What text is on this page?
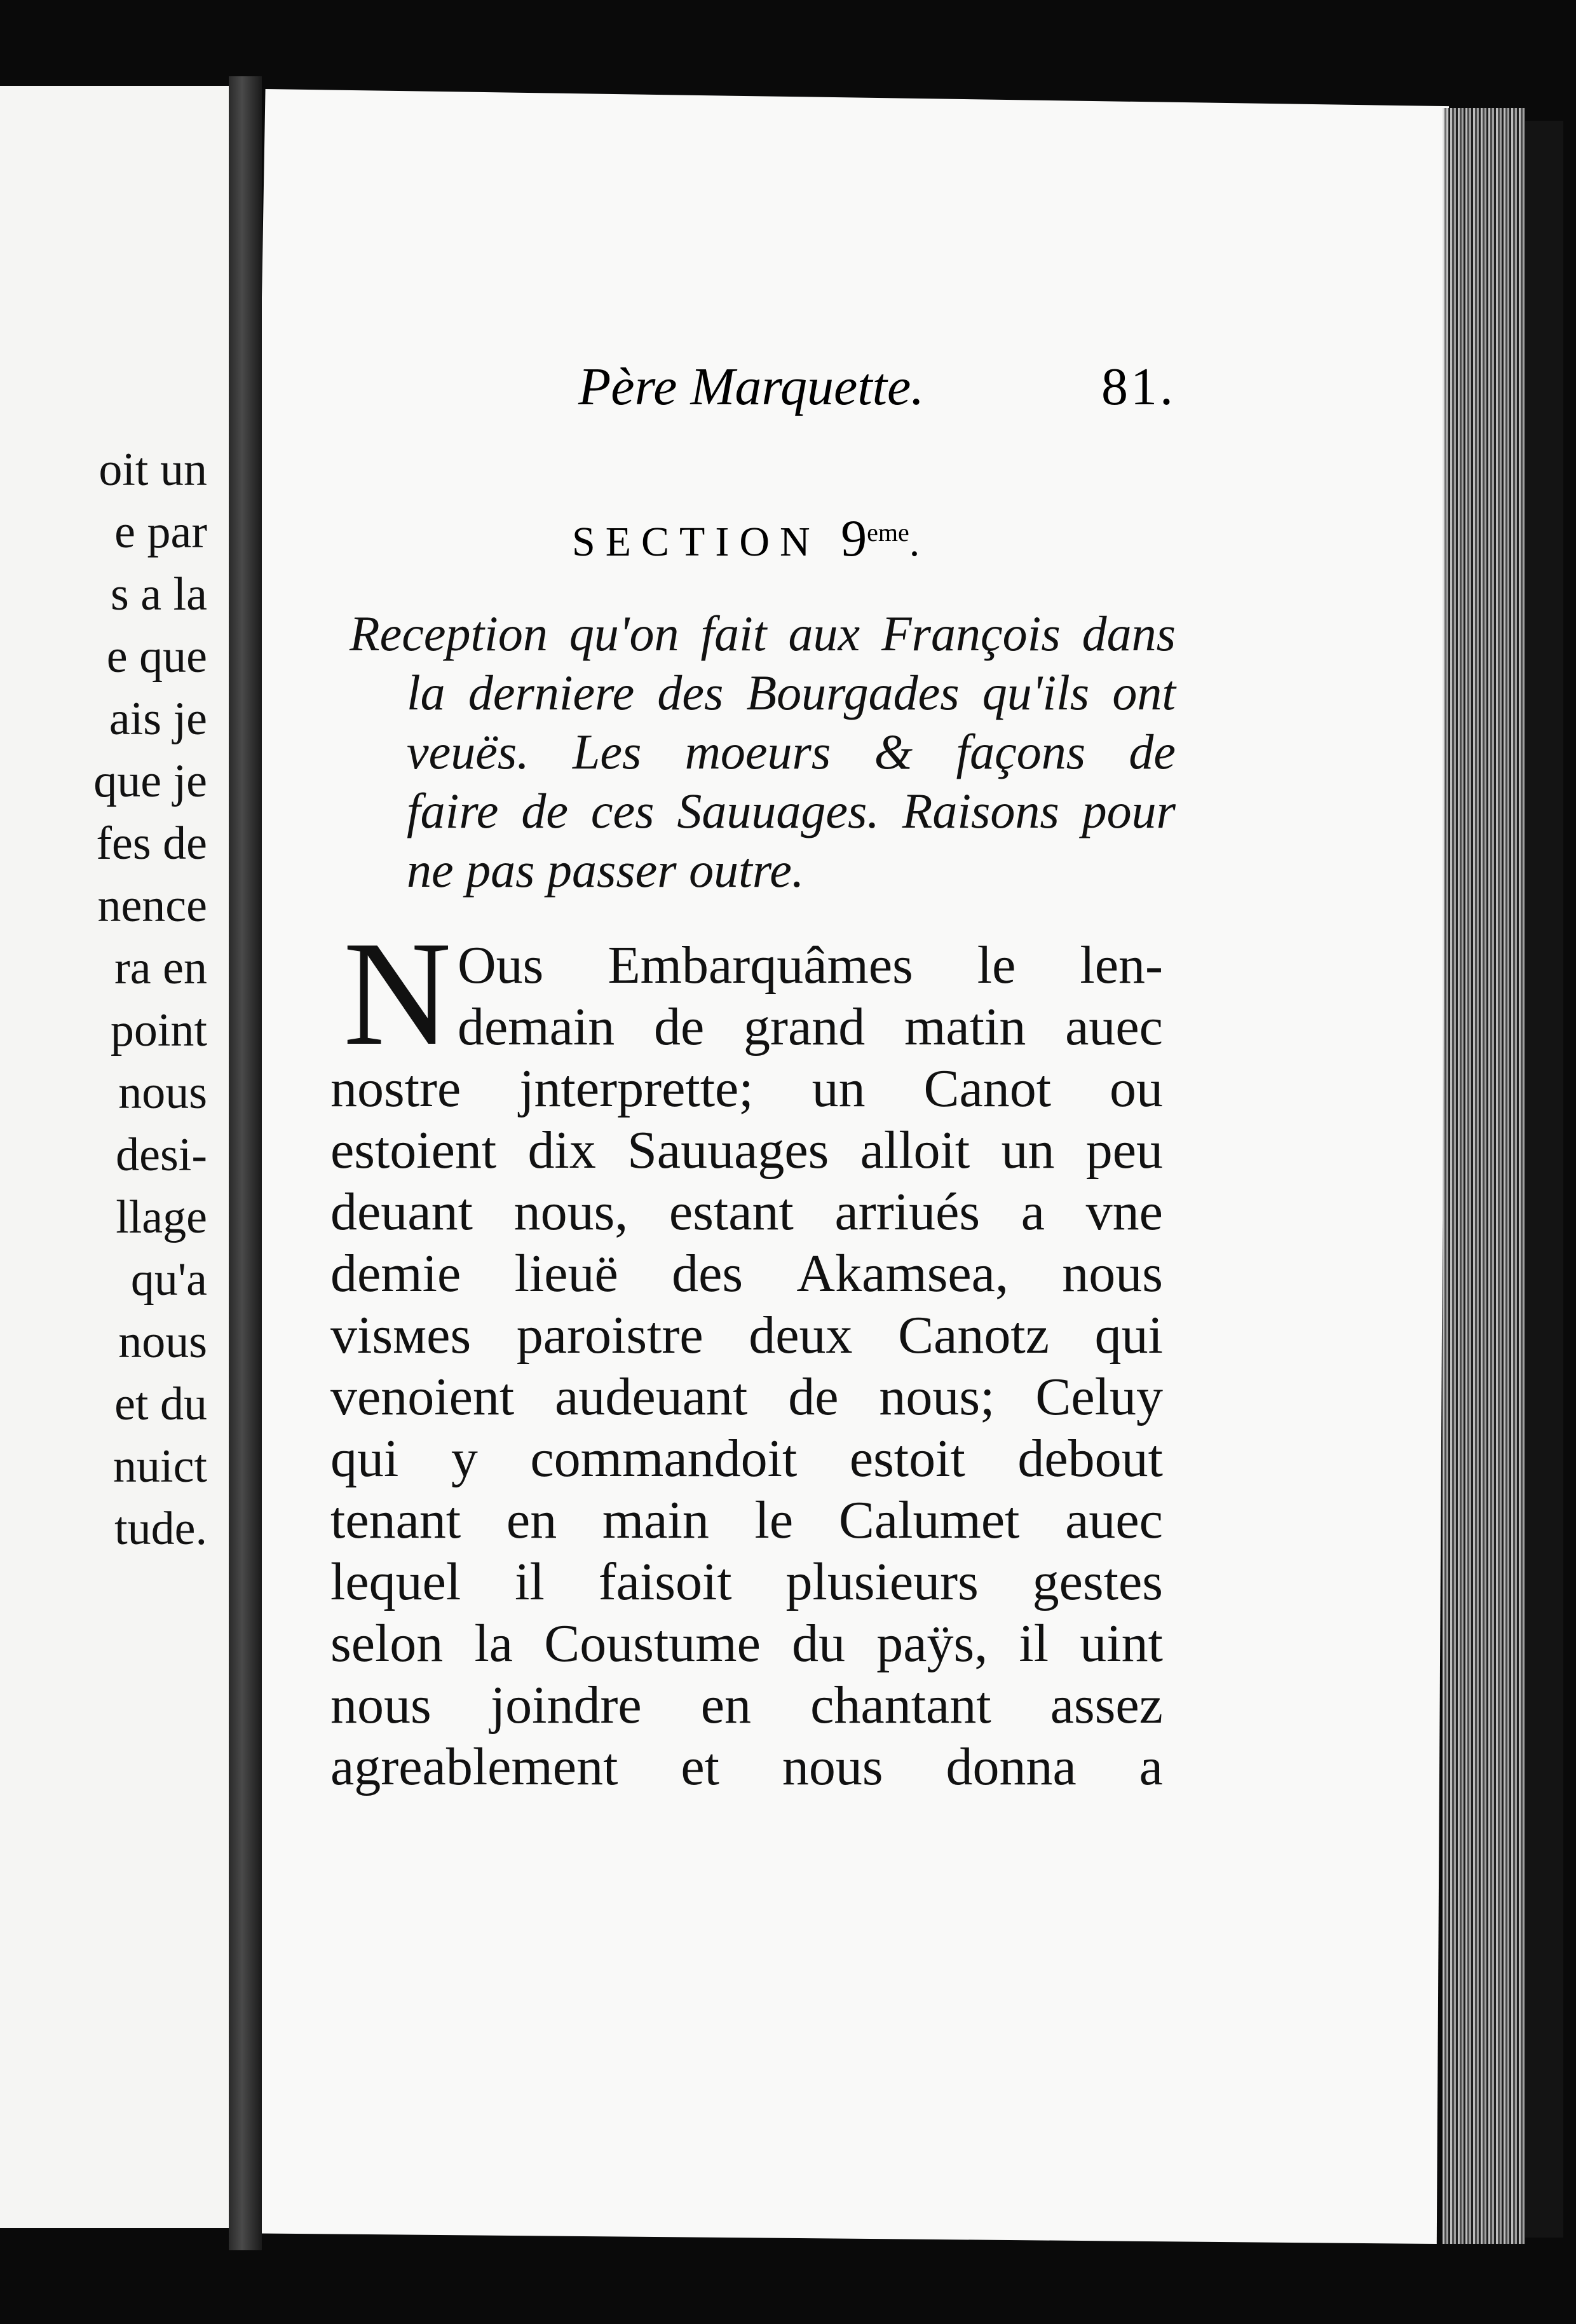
oit un
e par
s a la
e que
ais je
que je
fes de
nence
ra en
point
nous
desi-
llage
qu'a
nous
et du
nuict
tude.
Père Marquette.	81.
SECTION 9eme.
Reception qu'on fait aux François dans
la derniere des Bourgades qu'ils ont
veuës. Les moeurs & façons de
faire de ces Sauuages. Raisons pour
ne pas passer outre.
N Ous Embarquâmes le len-
demain de grand matin auec
nostre jnterprette; un Canot ou
estoient dix Sauuages alloit un peu
deuant nous, estant arriués a vne
demie lieuë des Akamsea, nous
visмes paroistre deux Canotz qui
venoient audeuant de nous; Celuy
qui y commandoit estoit debout
tenant en main le Calumet auec
lequel il faisoit plusieurs gestes
selon la Coustume du paÿs, il uint
nous joindre en chantant assez
agreablement et nous donna a
